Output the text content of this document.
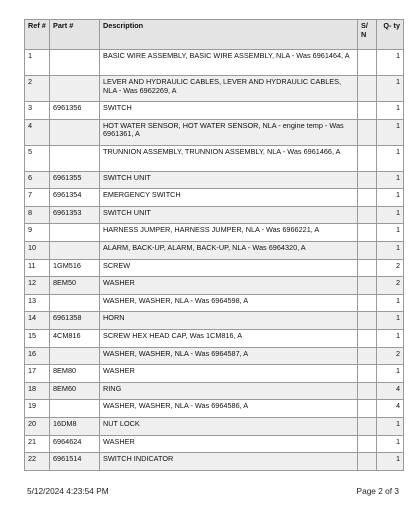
Ref #	Part #	Description	S/ N	Q- ty
1		BASIC WIRE ASSEMBLY, BASIC WIRE ASSEMBLY, NLA - Was 6961464, A		1
2		LEVER AND HYDRAULIC CABLES, LEVER AND HYDRAULIC CABLES, NLA - Was 6962269, A		1
3	6961356	SWITCH		1
4		HOT WATER SENSOR, HOT WATER SENSOR, NLA - engine temp - Was 6961361, A		1
5		TRUNNION ASSEMBLY, TRUNNION ASSEMBLY, NLA - Was 6961466, A		1
6	6961355	SWITCH UNIT		1
7	6961354	EMERGENCY SWITCH		1
8	6961353	SWITCH UNIT		1
9		HARNESS JUMPER, HARNESS JUMPER, NLA - Was 6966221, A		1
10		ALARM, BACK-UP, ALARM, BACK-UP, NLA - Was 6964320, A		1
11	1GM516	SCREW		2
12	8EM50	WASHER		2
13		WASHER, WASHER, NLA - Was 6964598, A		1
14	6961358	HORN		1
15	4CM816	SCREW HEX HEAD CAP, Was 1CM816, A		1
16		WASHER, WASHER, NLA - Was 6964587, A		2
17	8EM80	WASHER		1
18	8EM60	RING		4
19		WASHER, WASHER, NLA - Was 6964586, A		4
20	16DM8	NUT LOCK		1
21	6964624	WASHER		1
22	6961514	SWITCH INDICATOR		1
5/12/2024 4:23:54 PM	Page 2 of 3
